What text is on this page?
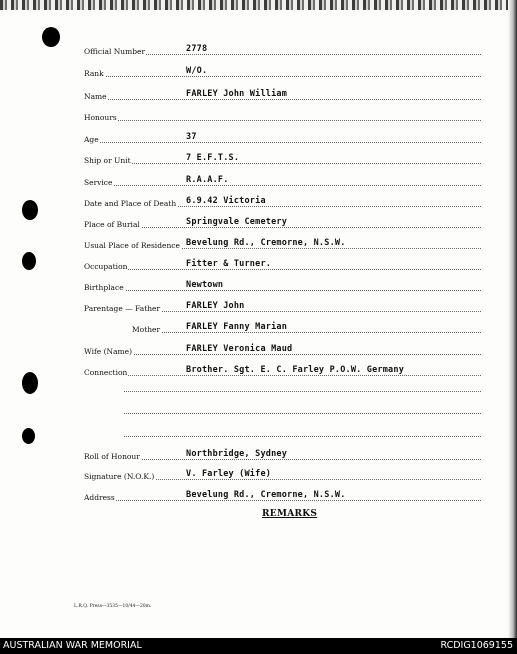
Official Number	2778
Rank	W/O.
Name	FARLEY John William
Honours
Age	37
Ship or Unit	7 E.F.T.S.
Service	R.A.A.F.
Date and Place of Death 6.9.42 Victoria
Place of Burial	Springvale Cemetery
Usual Place of Residence Bevelung Rd., Cremorne, N.S.W.
Occupation	Fitter & Turner.
Birthplace	Newtown
Parentage — Father	FARLEY John
Mother	FARLEY Fanny Marian
Wife (Name)	FARLEY Veronica Maud
Connection	Brother. Sgt. E. C. Farley P.O.W. Germany
Roll of Honour	Northbridge, Sydney
Signature (N.O.K.)	V. Farley (Wife)
Address	Bevelung Rd., Cremorne, N.S.W.
REMARKS
L.R.Q. Press—3535—10/44—20m.
AUSTRALIAN WAR MEMORIAL	RCDIG1069155
